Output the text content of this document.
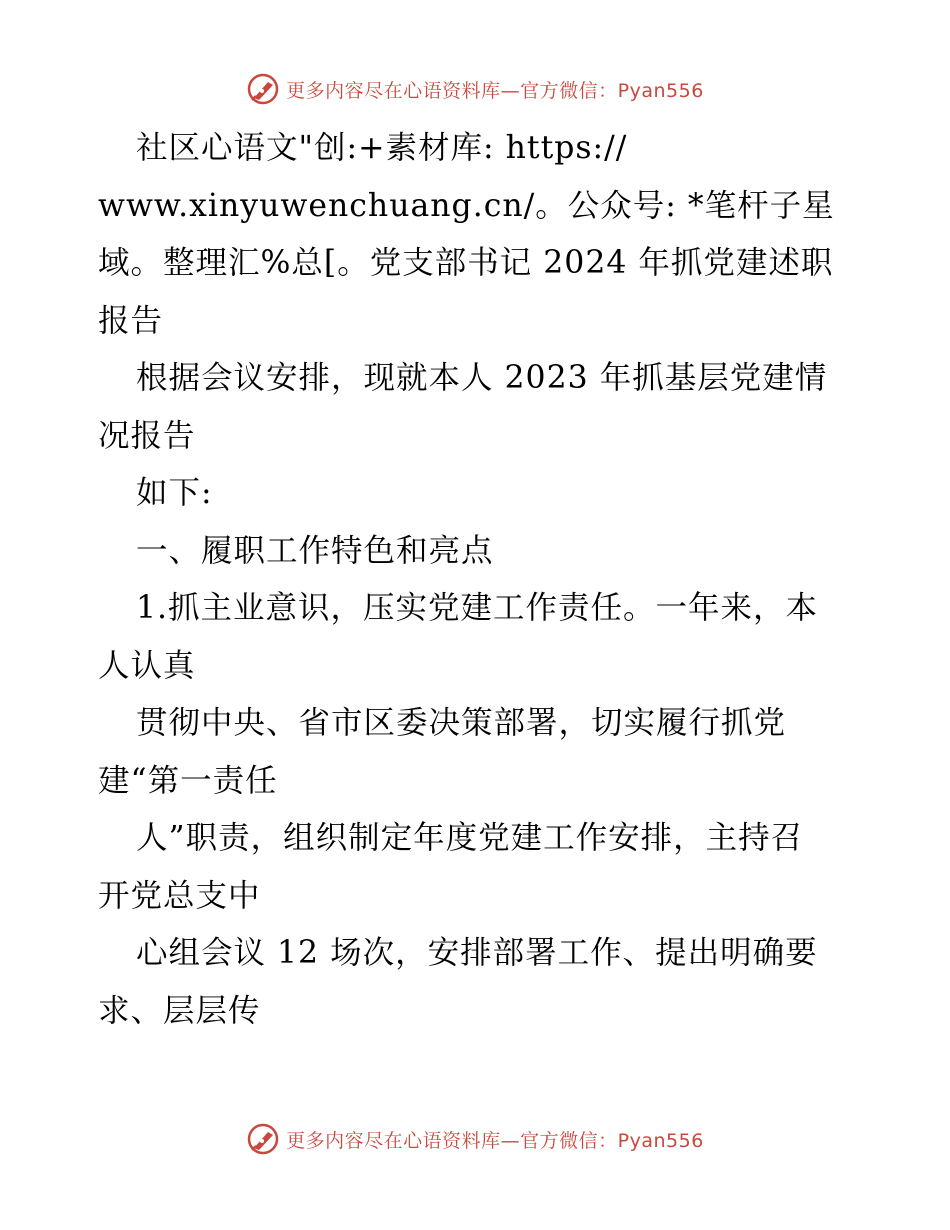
更多内容尽在心语资料库—官方微信：Pyan556
社区心语文"创:+素材库: https://
www.xinyuwenchuang.cn/。公众号: *笔杆子星
域。整理汇%总[。党支部书记 2024 年抓党建述职
报告
根据会议安排，现就本人 2023 年抓基层党建情
况报告
如下:
一、履职工作特色和亮点
1.抓主业意识，压实党建工作责任。一年来，本
人认真
贯彻中央、省市区委决策部署，切实履行抓党
建“第一责任
人”职责，组织制定年度党建工作安排，主持召
开党总支中
心组会议 12 场次，安排部署工作、提出明确要
求、层层传
更多内容尽在心语资料库—官方微信：Pyan556
